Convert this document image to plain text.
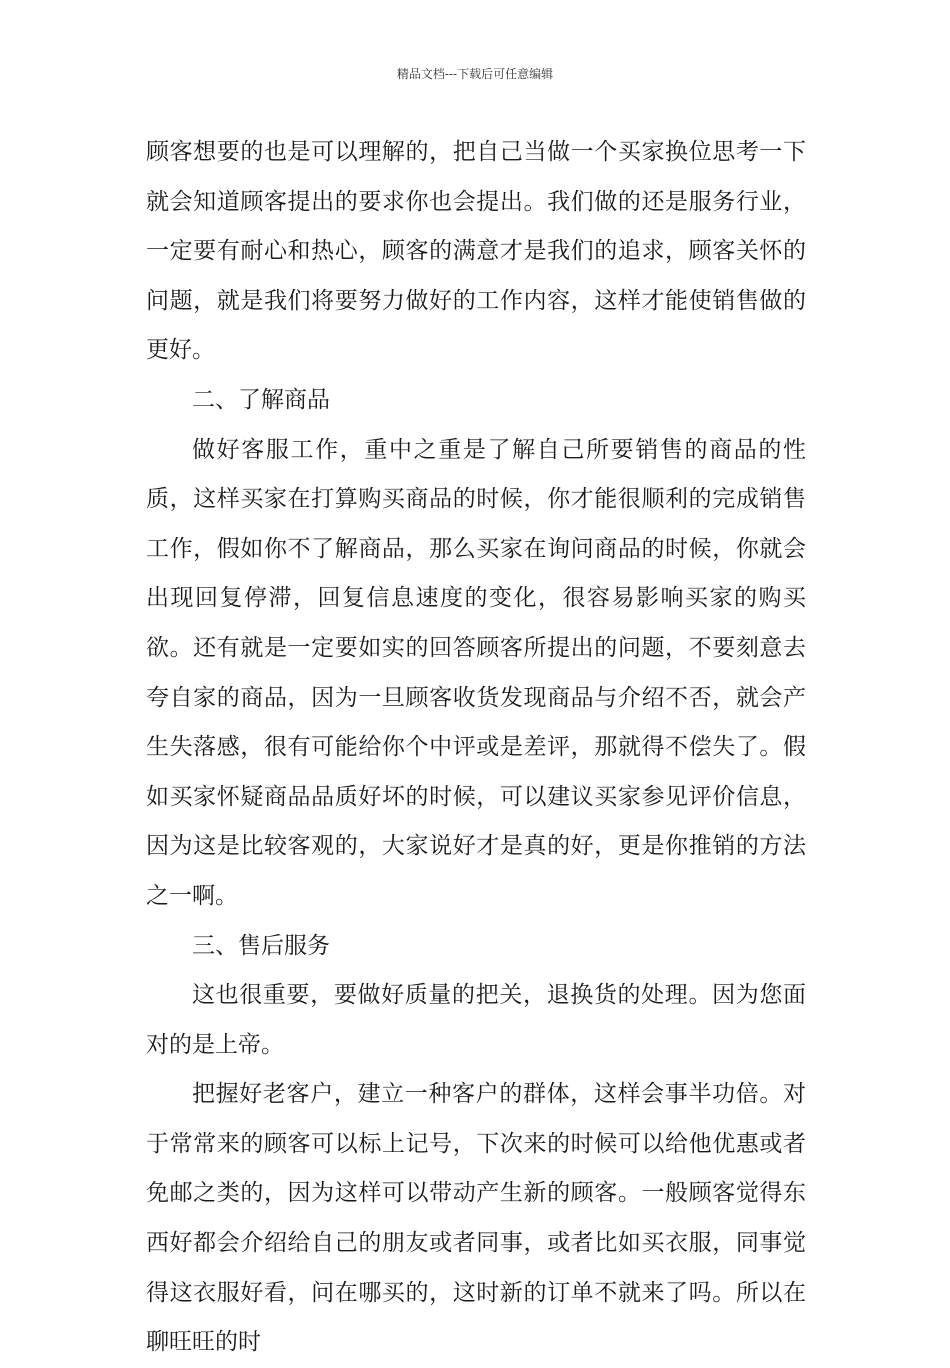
精品文档---下载后可任意编辑

顾客想要的也是可以理解的，把自己当做一个买家换位思考一下就会知道顾客提出的要求你也会提出。我们做的还是服务行业，一定要有耐心和热心，顾客的满意才是我们的追求，顾客关怀的问题，就是我们将要努力做好的工作内容，这样才能使销售做的更好。

二、了解商品

做好客服工作，重中之重是了解自己所要销售的商品的性质，这样买家在打算购买商品的时候，你才能很顺利的完成销售工作，假如你不了解商品，那么买家在询问商品的时候，你就会出现回复停滞，回复信息速度的变化，很容易影响买家的购买欲。还有就是一定要如实的回答顾客所提出的问题，不要刻意去夸自家的商品，因为一旦顾客收货发现商品与介绍不否，就会产生失落感，很有可能给你个中评或是差评，那就得不偿失了。假如买家怀疑商品品质好坏的时候，可以建议买家参见评价信息，因为这是比较客观的，大家说好才是真的好，更是你推销的方法之一啊。

三、售后服务

这也很重要，要做好质量的把关，退换货的处理。因为您面对的是上帝。

把握好老客户，建立一种客户的群体，这样会事半功倍。对于常常来的顾客可以标上记号，下次来的时候可以给他优惠或者免邮之类的，因为这样可以带动产生新的顾客。一般顾客觉得东西好都会介绍给自己的朋友或者同事，或者比如买衣服，同事觉得这衣服好看，问在哪买的，这时新的订单不就来了吗。所以在聊旺旺的时
